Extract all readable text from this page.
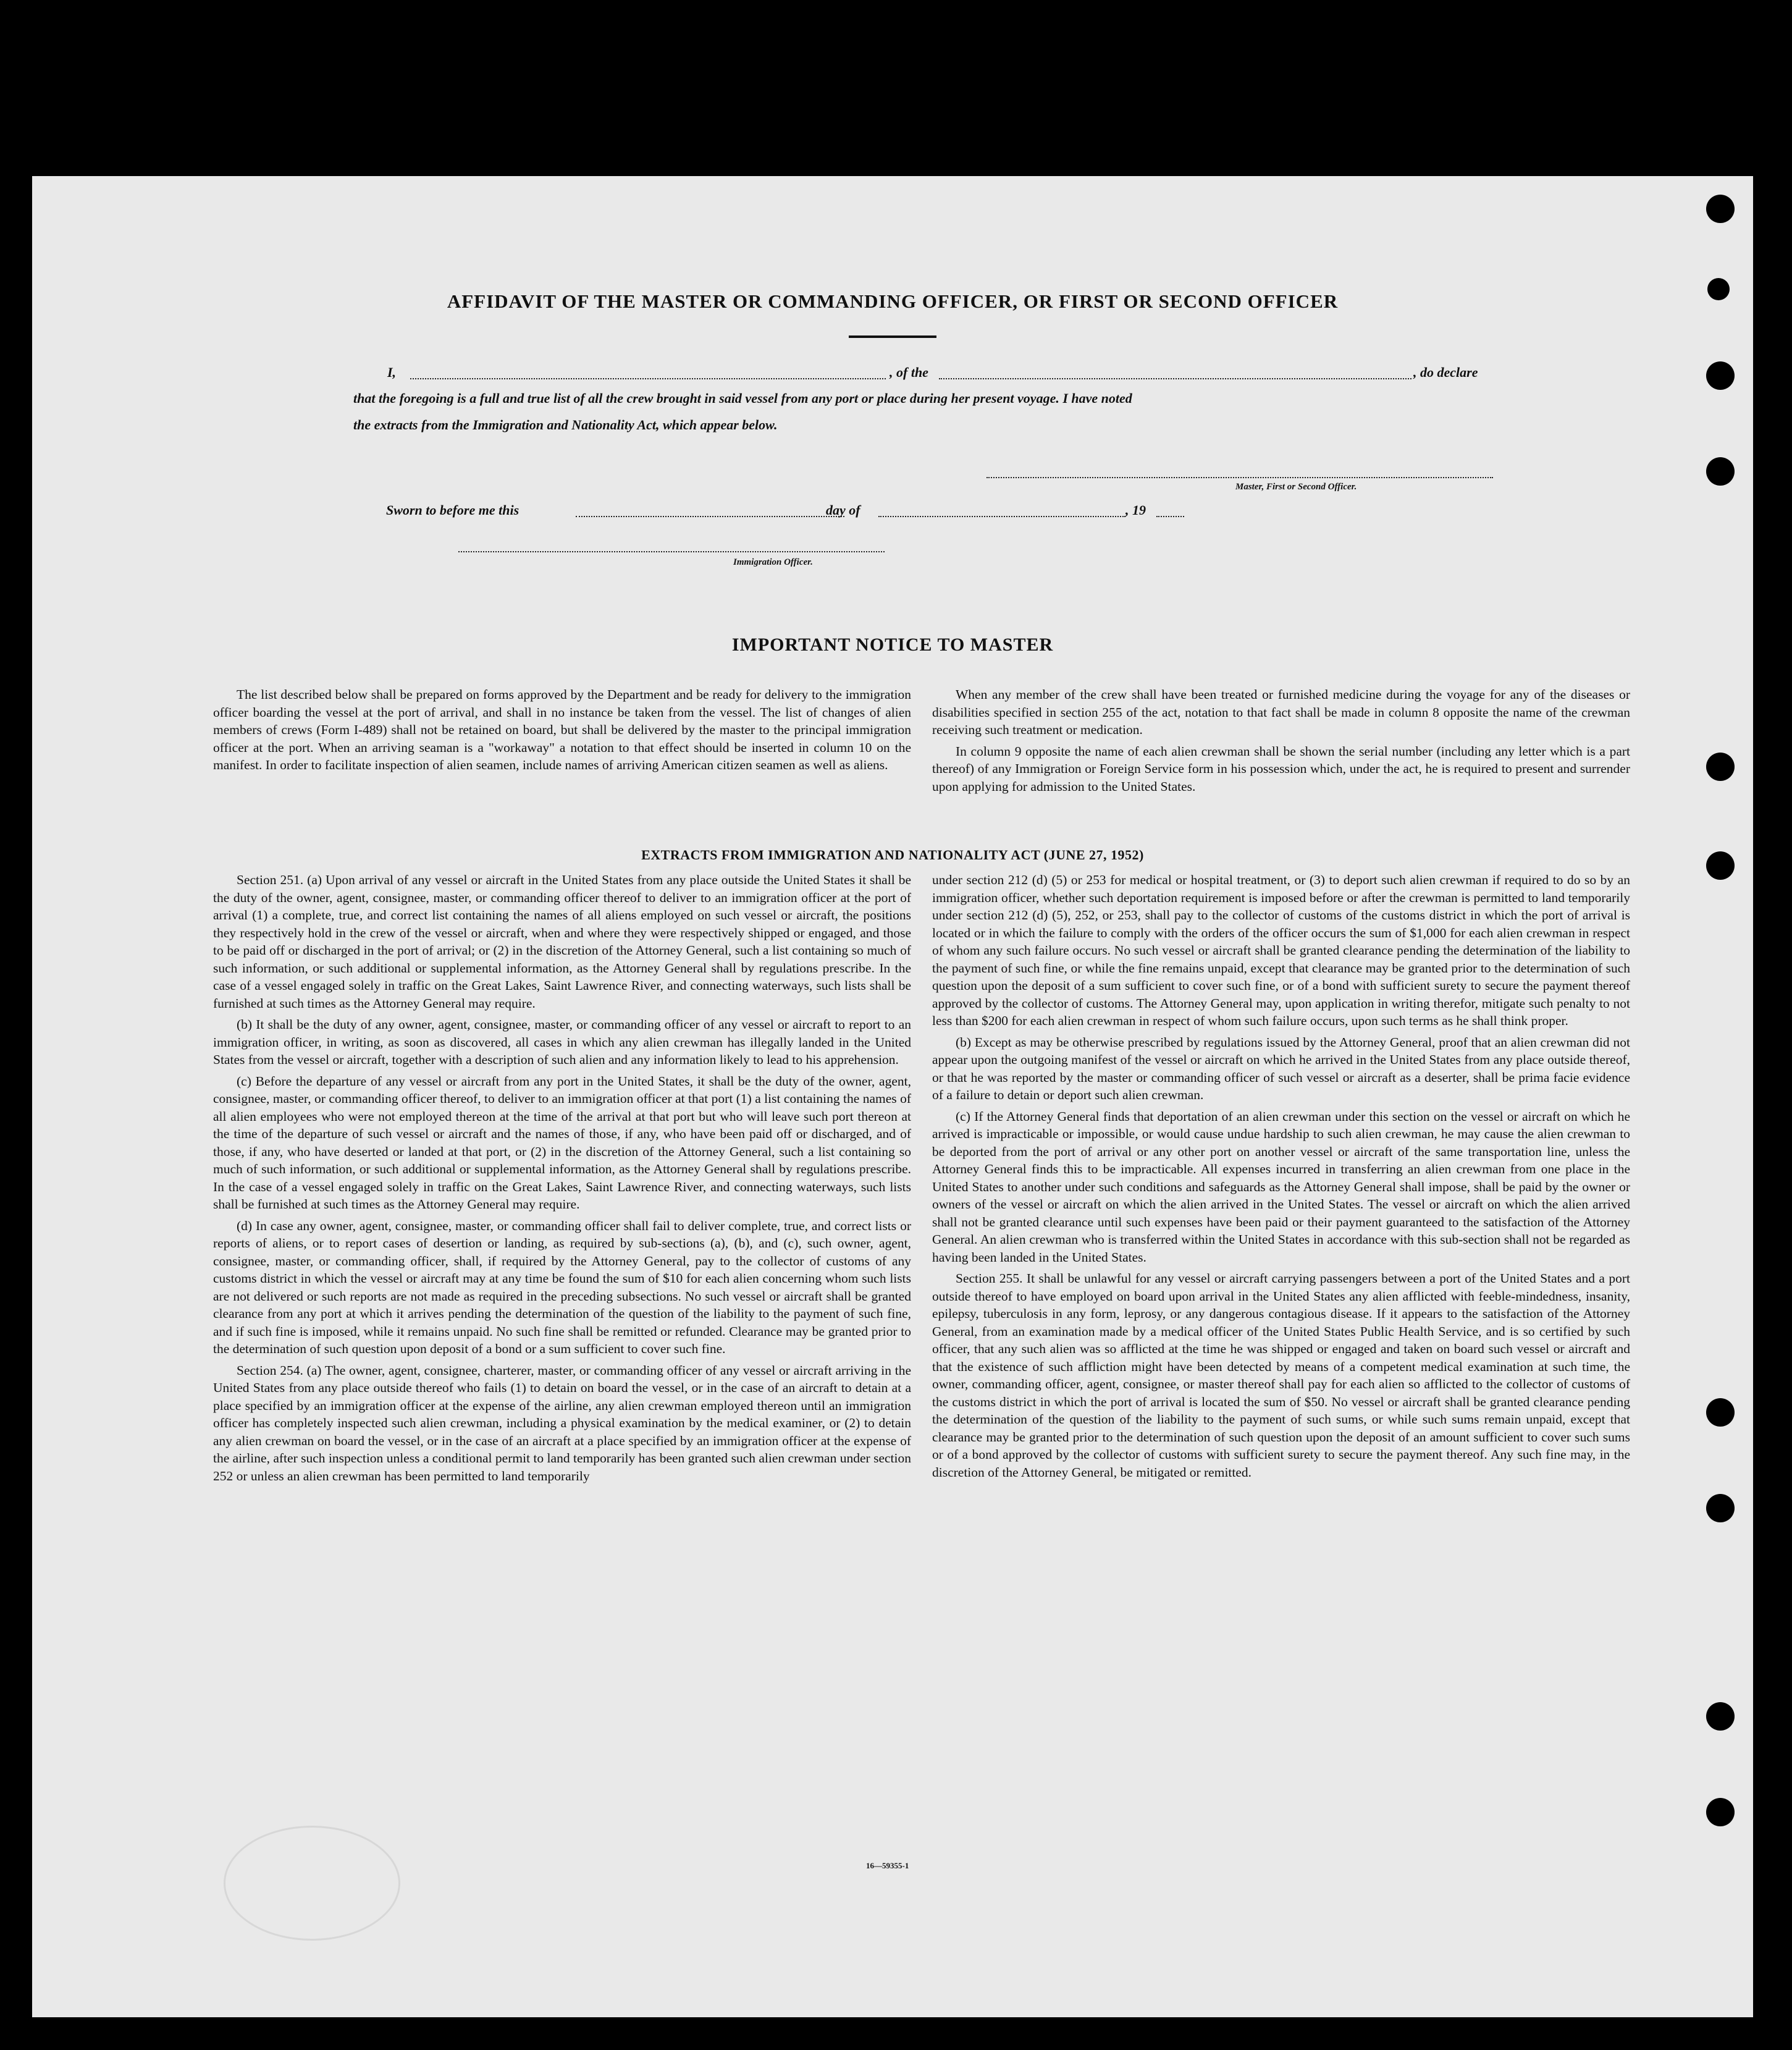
AFFIDAVIT OF THE MASTER OR COMMANDING OFFICER, OR FIRST OR SECOND OFFICER
I,	, of the	, do declare
that the foregoing is a full and true list of all the crew brought in said vessel from any port or place during her present voyage. I have noted
the extracts from the Immigration and Nationality Act, which appear below.
Master, First or Second Officer.
Sworn to before me this	day of	, 19
Immigration Officer.
IMPORTANT NOTICE TO MASTER

The list described below shall be prepared on forms approved by the Department and be ready for delivery to the immigration officer boarding the vessel at the port of arrival, and shall in no instance be taken from the vessel. The list of changes of alien members of crews (Form I-489) shall not be retained on board, but shall be delivered by the master to the principal immigration officer at the port. When an arriving seaman is a "workaway" a notation to that effect should be inserted in column 10 on the manifest. In order to facilitate inspection of alien seamen, include names of arriving American citizen seamen as well as aliens.

When any member of the crew shall have been treated or furnished medicine during the voyage for any of the diseases or disabilities specified in section 255 of the act, notation to that fact shall be made in column 8 opposite the name of the crewman receiving such treatment or medication.

In column 9 opposite the name of each alien crewman shall be shown the serial number (including any letter which is a part thereof) of any Immigration or Foreign Service form in his possession which, under the act, he is required to present and surrender upon applying for admission to the United States.

EXTRACTS FROM IMMIGRATION AND NATIONALITY ACT (JUNE 27, 1952)

Section 251. (a) Upon arrival of any vessel or aircraft in the United States from any place outside the United States it shall be the duty of the owner, agent, consignee, master, or commanding officer thereof to deliver to an immigration officer at the port of arrival (1) a complete, true, and correct list containing the names of all aliens employed on such vessel or aircraft, the positions they respectively hold in the crew of the vessel or aircraft, when and where they were respectively shipped or engaged, and those to be paid off or discharged in the port of arrival; or (2) in the discretion of the Attorney General, such a list containing so much of such information, or such additional or supplemental information, as the Attorney General shall by regulations prescribe. In the case of a vessel engaged solely in traffic on the Great Lakes, Saint Lawrence River, and connecting waterways, such lists shall be furnished at such times as the Attorney General may require.

(b) It shall be the duty of any owner, agent, consignee, master, or commanding officer of any vessel or aircraft to report to an immigration officer, in writing, as soon as discovered, all cases in which any alien crewman has illegally landed in the United States from the vessel or aircraft, together with a description of such alien and any information likely to lead to his apprehension.

(c) Before the departure of any vessel or aircraft from any port in the United States, it shall be the duty of the owner, agent, consignee, master, or commanding officer thereof, to deliver to an immigration officer at that port (1) a list containing the names of all alien employees who were not employed thereon at the time of the arrival at that port but who will leave such port thereon at the time of the departure of such vessel or aircraft and the names of those, if any, who have been paid off or discharged, and of those, if any, who have deserted or landed at that port, or (2) in the discretion of the Attorney General, such a list containing so much of such information, or such additional or supplemental information, as the Attorney General shall by regulations prescribe. In the case of a vessel engaged solely in traffic on the Great Lakes, Saint Lawrence River, and connecting waterways, such lists shall be furnished at such times as the Attorney General may require.

(d) In case any owner, agent, consignee, master, or commanding officer shall fail to deliver complete, true, and correct lists or reports of aliens, or to report cases of desertion or landing, as required by sub-sections (a), (b), and (c), such owner, agent, consignee, master, or commanding officer, shall, if required by the Attorney General, pay to the collector of customs of any customs district in which the vessel or aircraft may at any time be found the sum of $10 for each alien concerning whom such lists are not delivered or such reports are not made as required in the preceding subsections. No such vessel or aircraft shall be granted clearance from any port at which it arrives pending the determination of the question of the liability to the payment of such fine, and if such fine is imposed, while it remains unpaid. No such fine shall be remitted or refunded. Clearance may be granted prior to the determination of such question upon deposit of a bond or a sum sufficient to cover such fine.

Section 254. (a) The owner, agent, consignee, charterer, master, or commanding officer of any vessel or aircraft arriving in the United States from any place outside thereof who fails (1) to detain on board the vessel, or in the case of an aircraft to detain at a place specified by an immigration officer at the expense of the airline, any alien crewman employed thereon until an immigration officer has completely inspected such alien crewman, including a physical examination by the medical examiner, or (2) to detain any alien crewman on board the vessel, or in the case of an aircraft at a place specified by an immigration officer at the expense of the airline, after such inspection unless a conditional permit to land temporarily has been granted such alien crewman under section 252 or unless an alien crewman has been permitted to land temporarily

under section 212 (d) (5) or 253 for medical or hospital treatment, or (3) to deport such alien crewman if required to do so by an immigration officer, whether such deportation requirement is imposed before or after the crewman is permitted to land temporarily under section 212 (d) (5), 252, or 253, shall pay to the collector of customs of the customs district in which the port of arrival is located or in which the failure to comply with the orders of the officer occurs the sum of $1,000 for each alien crewman in respect of whom any such failure occurs. No such vessel or aircraft shall be granted clearance pending the determination of the liability to the payment of such fine, or while the fine remains unpaid, except that clearance may be granted prior to the determination of such question upon the deposit of a sum sufficient to cover such fine, or of a bond with sufficient surety to secure the payment thereof approved by the collector of customs. The Attorney General may, upon application in writing therefor, mitigate such penalty to not less than $200 for each alien crewman in respect of whom such failure occurs, upon such terms as he shall think proper.

(b) Except as may be otherwise prescribed by regulations issued by the Attorney General, proof that an alien crewman did not appear upon the outgoing manifest of the vessel or aircraft on which he arrived in the United States from any place outside thereof, or that he was reported by the master or commanding officer of such vessel or aircraft as a deserter, shall be prima facie evidence of a failure to detain or deport such alien crewman.

(c) If the Attorney General finds that deportation of an alien crewman under this section on the vessel or aircraft on which he arrived is impracticable or impossible, or would cause undue hardship to such alien crewman, he may cause the alien crewman to be deported from the port of arrival or any other port on another vessel or aircraft of the same transportation line, unless the Attorney General finds this to be impracticable. All expenses incurred in transferring an alien crewman from one place in the United States to another under such conditions and safeguards as the Attorney General shall impose, shall be paid by the owner or owners of the vessel or aircraft on which the alien arrived in the United States. The vessel or aircraft on which the alien arrived shall not be granted clearance until such expenses have been paid or their payment guaranteed to the satisfaction of the Attorney General. An alien crewman who is transferred within the United States in accordance with this sub-section shall not be regarded as having been landed in the United States.

Section 255. It shall be unlawful for any vessel or aircraft carrying passengers between a port of the United States and a port outside thereof to have employed on board upon arrival in the United States any alien afflicted with feeble-mindedness, insanity, epilepsy, tuberculosis in any form, leprosy, or any dangerous contagious disease. If it appears to the satisfaction of the Attorney General, from an examination made by a medical officer of the United States Public Health Service, and is so certified by such officer, that any such alien was so afflicted at the time he was shipped or engaged and taken on board such vessel or aircraft and that the existence of such affliction might have been detected by means of a competent medical examination at such time, the owner, commanding officer, agent, consignee, or master thereof shall pay for each alien so afflicted to the collector of customs of the customs district in which the port of arrival is located the sum of $50. No vessel or aircraft shall be granted clearance pending the determination of the question of the liability to the payment of such sums, or while such sums remain unpaid, except that clearance may be granted prior to the determination of such question upon the deposit of an amount sufficient to cover such sums or of a bond approved by the collector of customs with sufficient surety to secure the payment thereof. Any such fine may, in the discretion of the Attorney General, be mitigated or remitted.

16—59355-1
